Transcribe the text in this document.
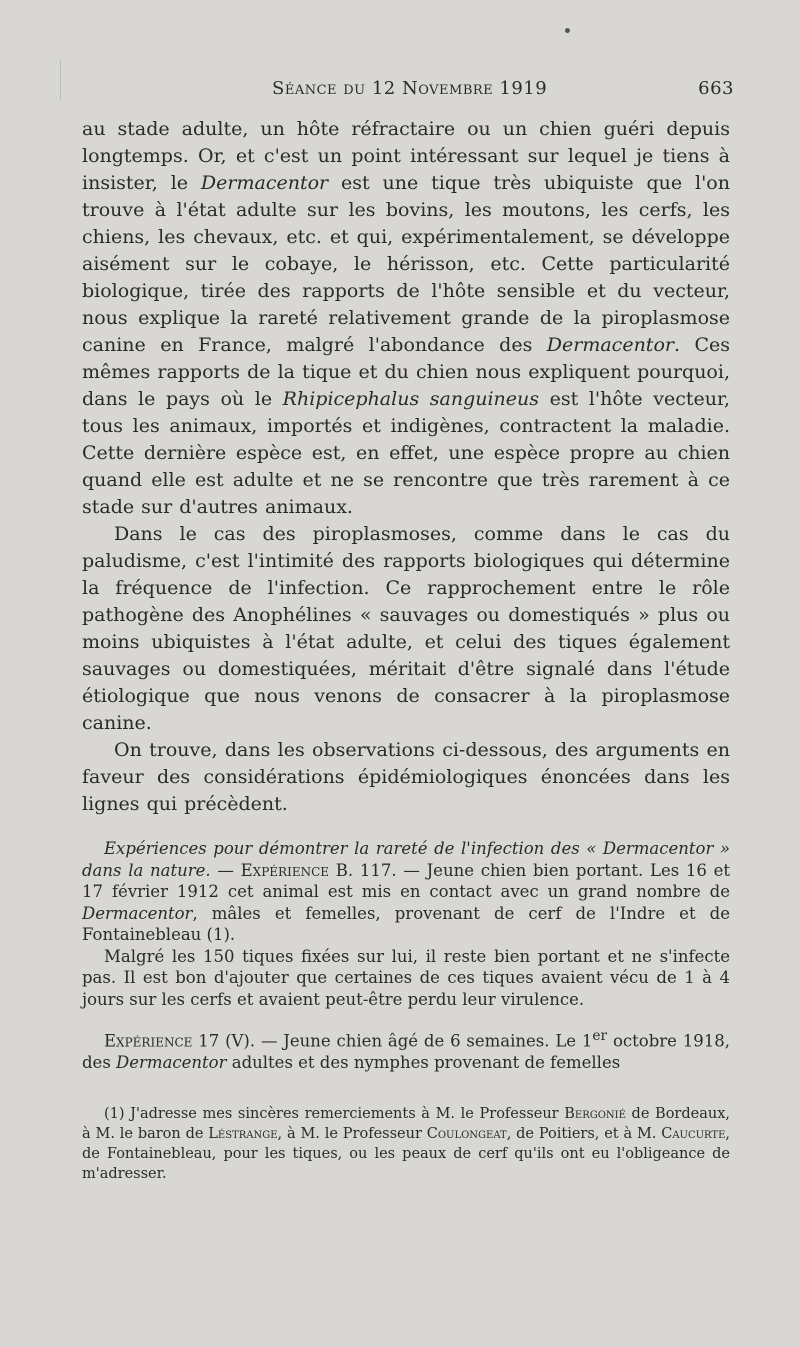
Séance du 12 Novembre 1919	663

au stade adulte, un hôte réfractaire ou un chien guéri depuis longtemps. Or, et c'est un point intéressant sur lequel je tiens à insister, le Dermacentor est une tique très ubiquiste que l'on trouve à l'état adulte sur les bovins, les moutons, les cerfs, les chiens, les chevaux, etc. et qui, expérimentalement, se développe aisément sur le cobaye, le hérisson, etc. Cette particularité biologique, tirée des rapports de l'hôte sensible et du vecteur, nous explique la rareté relativement grande de la piroplasmose canine en France, malgré l'abondance des Dermacentor. Ces mêmes rapports de la tique et du chien nous expliquent pourquoi, dans le pays où le Rhipicephalus sanguineus est l'hôte vecteur, tous les animaux, importés et indigènes, contractent la maladie. Cette dernière espèce est, en effet, une espèce propre au chien quand elle est adulte et ne se rencontre que très rarement à ce stade sur d'autres animaux.

Dans le cas des piroplasmoses, comme dans le cas du paludisme, c'est l'intimité des rapports biologiques qui détermine la fréquence de l'infection. Ce rapprochement entre le rôle pathogène des Anophélines « sauvages ou domestiqués » plus ou moins ubiquistes à l'état adulte, et celui des tiques également sauvages ou domestiquées, méritait d'être signalé dans l'étude étiologique que nous venons de consacrer à la piroplasmose canine.

On trouve, dans les observations ci-dessous, des arguments en faveur des considérations épidémiologiques énoncées dans les lignes qui précèdent.

Expériences pour démontrer la rareté de l'infection des « Dermacentor » dans la nature. — Expérience B. 117. — Jeune chien bien portant. Les 16 et 17 février 1912 cet animal est mis en contact avec un grand nombre de Dermacentor, mâles et femelles, provenant de cerf de l'Indre et de Fontainebleau (1).

Malgré les 150 tiques fixées sur lui, il reste bien portant et ne s'infecte pas. Il est bon d'ajouter que certaines de ces tiques avaient vécu de 1 à 4 jours sur les cerfs et avaient peut-être perdu leur virulence.

Expérience 17 (V). — Jeune chien âgé de 6 semaines. Le 1er octobre 1918, des Dermacentor adultes et des nymphes provenant de femelles

(1) J'adresse mes sincères remerciements à M. le Professeur Bergonié de Bordeaux, à M. le baron de Léstrange, à M. le Professeur Coulongeat, de Poitiers, et à M. Caucurte, de Fontainebleau, pour les tiques, ou les peaux de cerf qu'ils ont eu l'obligeance de m'adresser.
